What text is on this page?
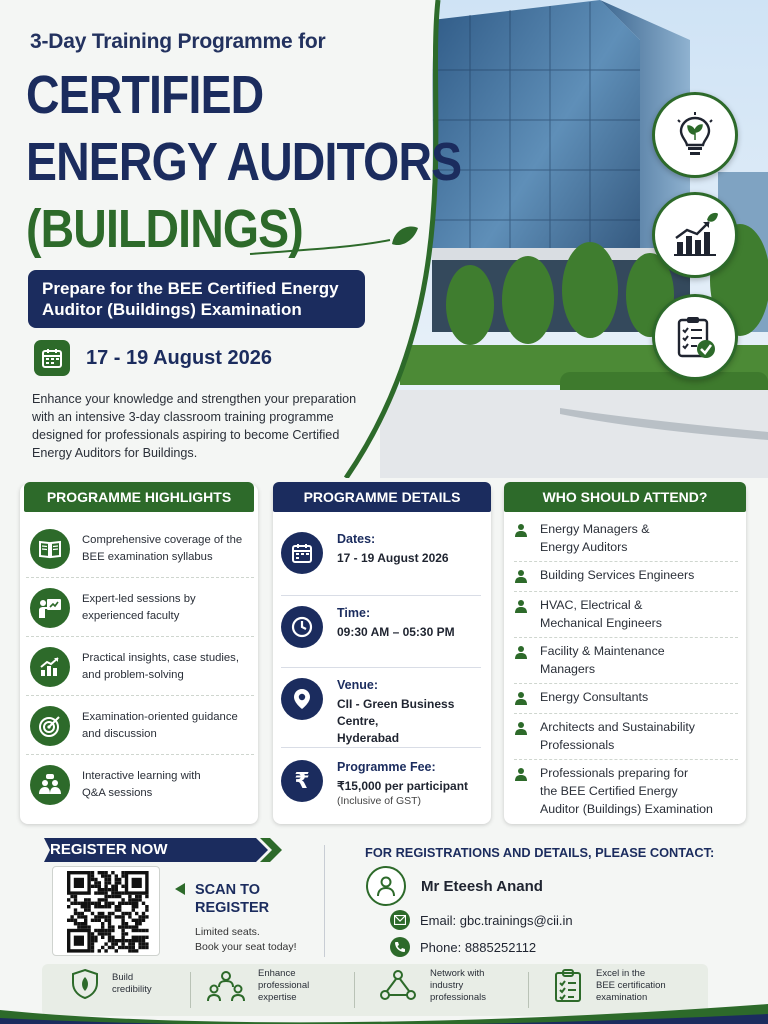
3-Day Training Programme for
CERTIFIED
ENERGY AUDITORS
(BUILDINGS)
Prepare for the BEE Certified Energy
Auditor (Buildings) Examination
17 - 19 August 2026
Enhance your knowledge and strengthen your preparation with an intensive 3-day classroom training programme designed for professionals aspiring to become Certified Energy Auditors for Buildings.
PROGRAMME HIGHLIGHTS
Comprehensive coverage of the
BEE examination syllabus
Expert-led sessions by
experienced faculty
Practical insights, case studies,
and problem-solving
Examination-oriented guidance
and discussion
Interactive learning with
Q&A sessions
PROGRAMME DETAILS
Dates:
17 - 19 August 2026
Time:
09:30 AM – 05:30 PM
Venue:
CII - Green Business Centre,
Hyderabad
₹
Programme Fee:
₹15,000 per participant
(Inclusive of GST)
WHO SHOULD ATTEND?
Energy Managers &
Energy Auditors
Building Services Engineers
HVAC, Electrical &
Mechanical Engineers
Facility & Maintenance
Managers
Energy Consultants
Architects and Sustainability
Professionals
Professionals preparing for
the BEE Certified Energy
Auditor (Buildings) Examination
REGISTER NOW
SCAN TO
REGISTER
Limited seats.
Book your seat today!
FOR REGISTRATIONS AND DETAILS, PLEASE CONTACT:
Mr Eteesh Anand
Email: gbc.trainings@cii.in
Phone: 8885252112
Build
credibility
Enhance
professional
expertise
Network with
industry
professionals
Excel in the
BEE certification
examination
